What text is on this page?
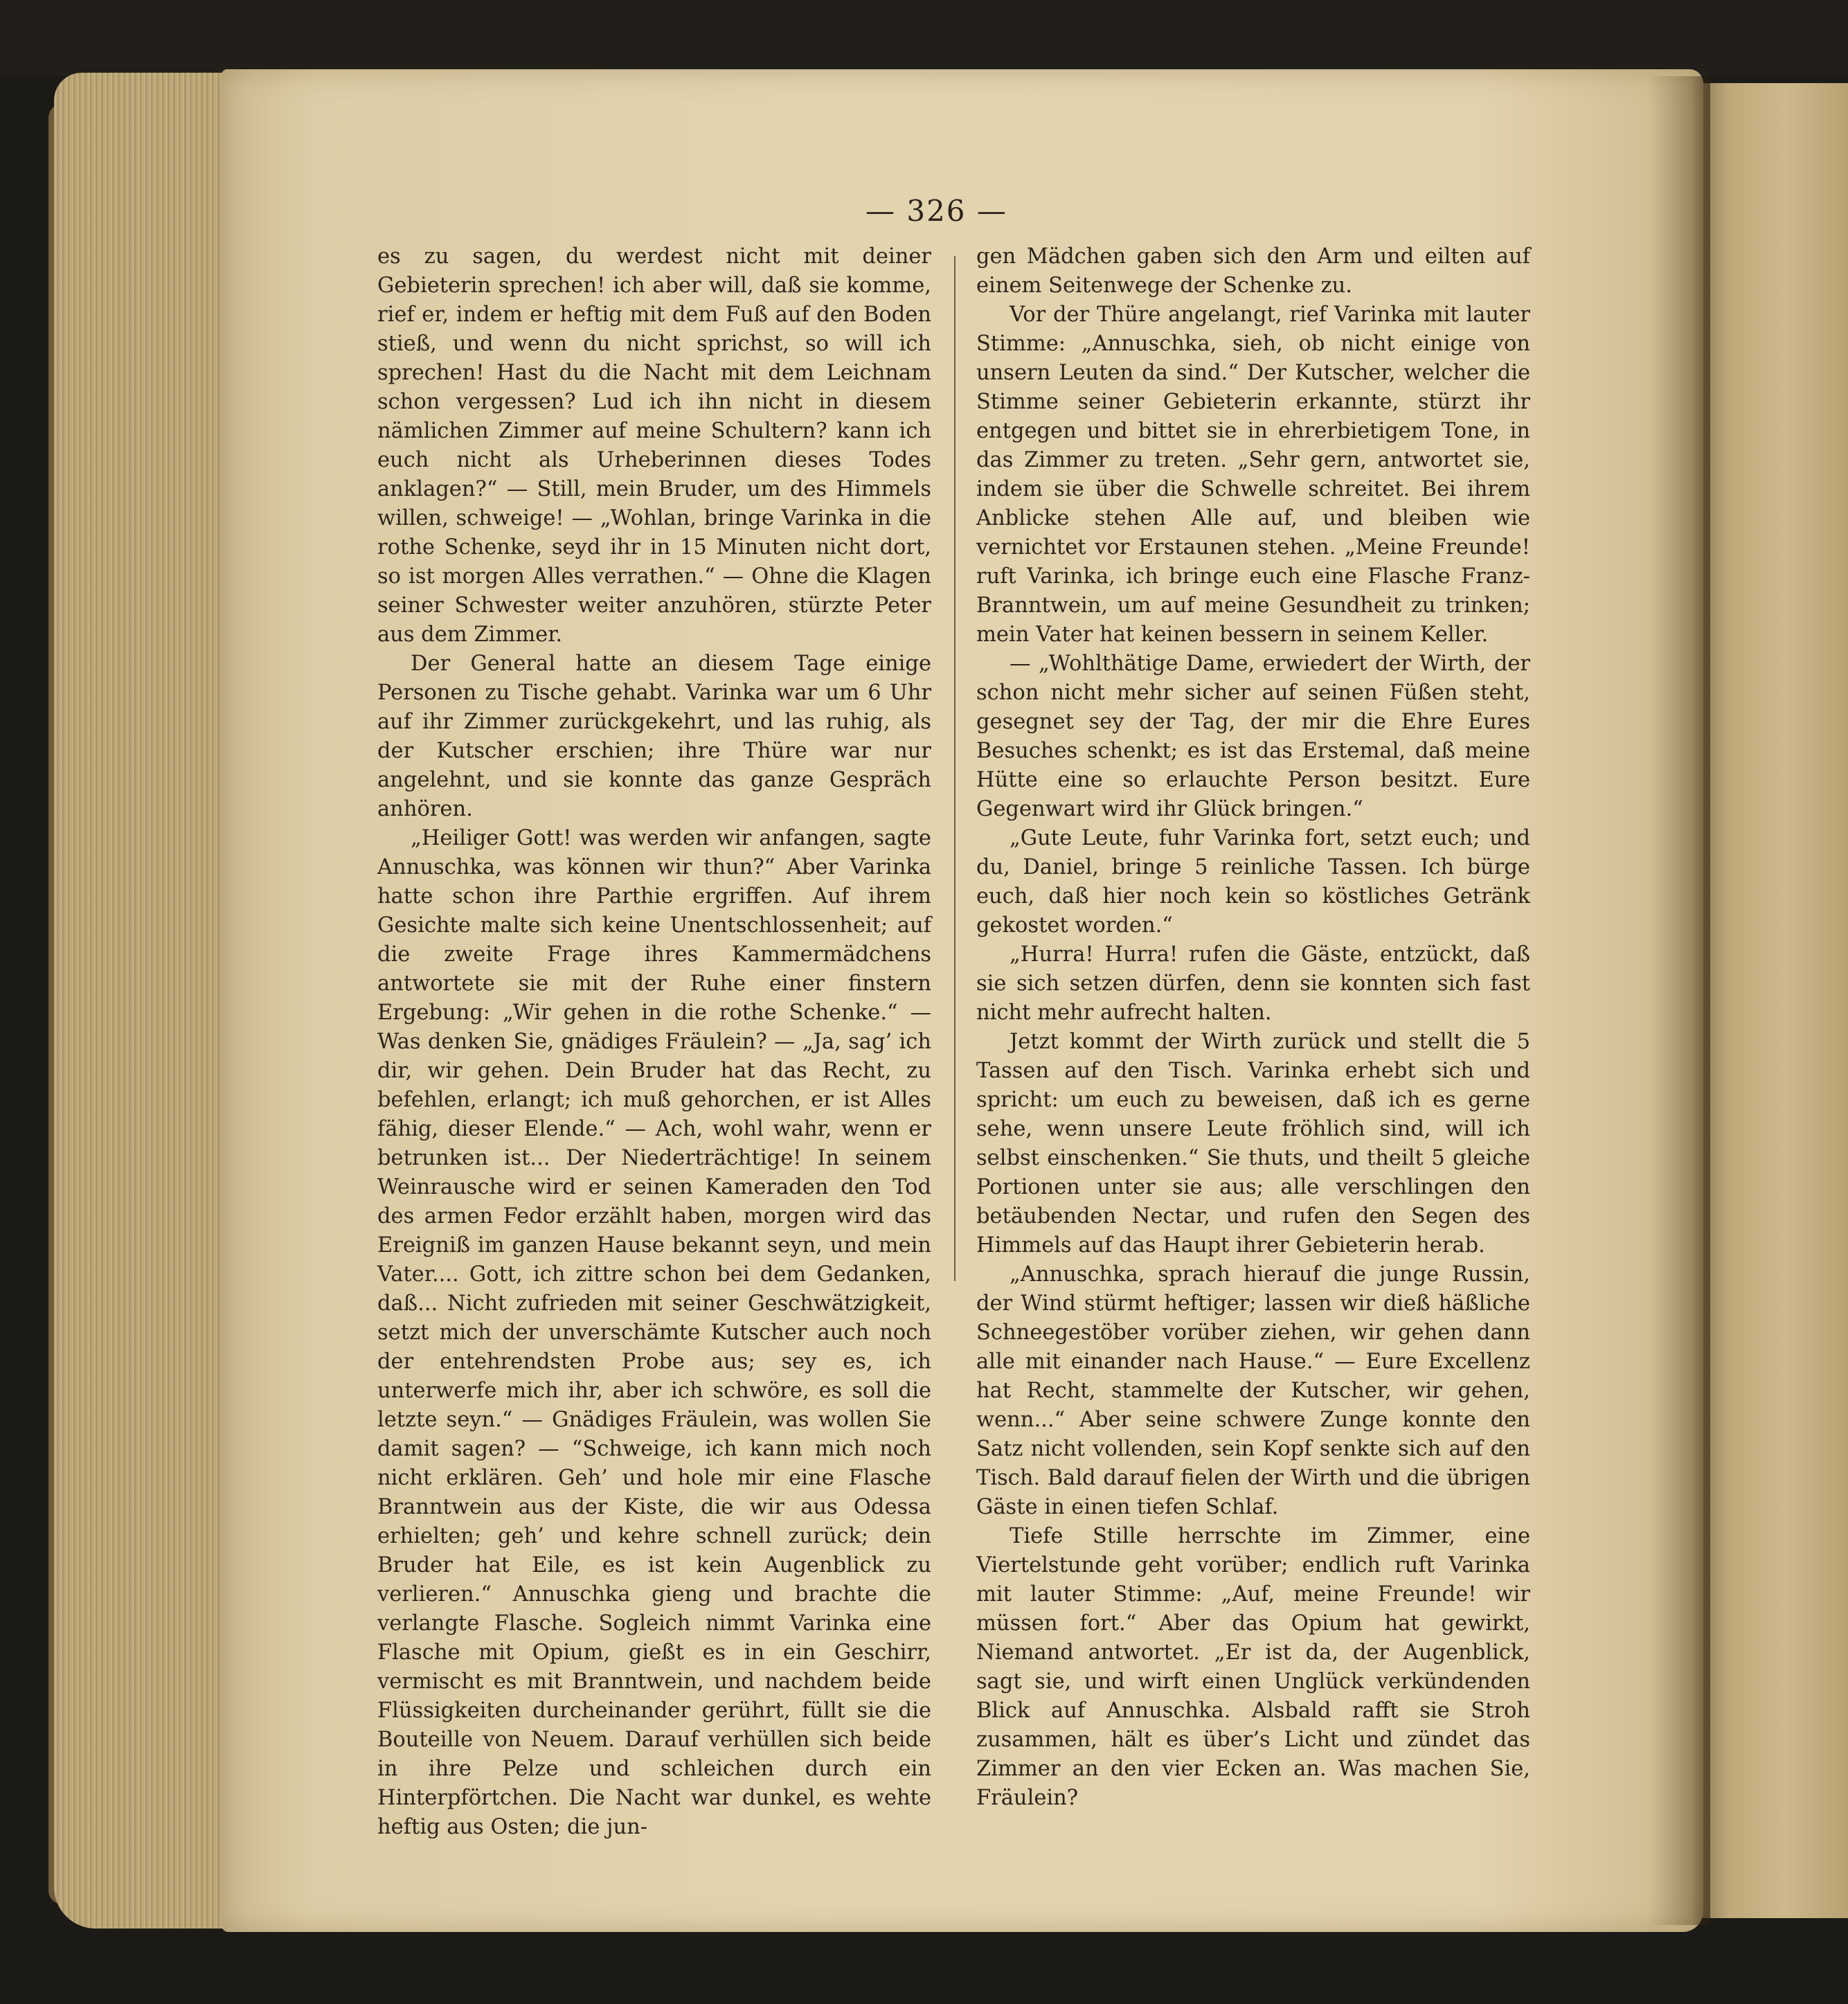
— 326 —

es zu sagen, du werdest nicht mit deiner Gebieterin sprechen! ich aber will, daß sie komme, rief er, indem er heftig mit dem Fuß auf den Boden stieß, und wenn du nicht sprichst, so will ich sprechen! Hast du die Nacht mit dem Leichnam schon vergessen? Lud ich ihn nicht in diesem nämlichen Zimmer auf meine Schultern? kann ich euch nicht als Urheberinnen dieses Todes anklagen?“ — Still, mein Bruder, um des Himmels willen, schweige! — „Wohlan, bringe Varinka in die rothe Schenke, seyd ihr in 15 Minuten nicht dort, so ist morgen Alles verrathen.“ — Ohne die Klagen seiner Schwester weiter anzuhören, stürzte Peter aus dem Zimmer.

Der General hatte an diesem Tage einige Personen zu Tische gehabt. Varinka war um 6 Uhr auf ihr Zimmer zurückgekehrt, und las ruhig, als der Kutscher erschien; ihre Thüre war nur angelehnt, und sie konnte das ganze Gespräch anhören.

„Heiliger Gott! was werden wir anfangen, sagte Annuschka, was können wir thun?“ Aber Varinka hatte schon ihre Parthie ergriffen. Auf ihrem Gesichte malte sich keine Unentschlossenheit; auf die zweite Frage ihres Kammermädchens antwortete sie mit der Ruhe einer finstern Ergebung: „Wir gehen in die rothe Schenke.“ — Was denken Sie, gnädiges Fräulein? — „Ja, sag’ ich dir, wir gehen. Dein Bruder hat das Recht, zu befehlen, erlangt; ich muß gehorchen, er ist Alles fähig, dieser Elende.“ — Ach, wohl wahr, wenn er betrunken ist... Der Niederträchtige! In seinem Weinrausche wird er seinen Kameraden den Tod des armen Fedor erzählt haben, morgen wird das Ereigniß im ganzen Hause bekannt seyn, und mein Vater.... Gott, ich zittre schon bei dem Gedanken, daß... Nicht zufrieden mit seiner Geschwätzigkeit, setzt mich der unverschämte Kutscher auch noch der entehrendsten Probe aus; sey es, ich unterwerfe mich ihr, aber ich schwöre, es soll die letzte seyn.“ — Gnädiges Fräulein, was wollen Sie damit sagen? — “Schweige, ich kann mich noch nicht erklären. Geh’ und hole mir eine Flasche Branntwein aus der Kiste, die wir aus Odessa erhielten; geh’ und kehre schnell zurück; dein Bruder hat Eile, es ist kein Augenblick zu verlieren.“ Annuschka gieng und brachte die verlangte Flasche. Sogleich nimmt Varinka eine Flasche mit Opium, gießt es in ein Geschirr, vermischt es mit Branntwein, und nachdem beide Flüssigkeiten durcheinander gerührt, füllt sie die Bouteille von Neuem. Darauf verhüllen sich beide in ihre Pelze und schleichen durch ein Hinterpförtchen. Die Nacht war dunkel, es wehte heftig aus Osten; die jun-

gen Mädchen gaben sich den Arm und eilten auf einem Seitenwege der Schenke zu.

Vor der Thüre angelangt, rief Varinka mit lauter Stimme: „Annuschka, sieh, ob nicht einige von unsern Leuten da sind.“ Der Kutscher, welcher die Stimme seiner Gebieterin erkannte, stürzt ihr entgegen und bittet sie in ehrerbietigem Tone, in das Zimmer zu treten. „Sehr gern, antwortet sie, indem sie über die Schwelle schreitet. Bei ihrem Anblicke stehen Alle auf, und bleiben wie vernichtet vor Erstaunen stehen. „Meine Freunde! ruft Varinka, ich bringe euch eine Flasche Franz-Branntwein, um auf meine Gesundheit zu trinken; mein Vater hat keinen bessern in seinem Keller.

— „Wohlthätige Dame, erwiedert der Wirth, der schon nicht mehr sicher auf seinen Füßen steht, gesegnet sey der Tag, der mir die Ehre Eures Besuches schenkt; es ist das Erstemal, daß meine Hütte eine so erlauchte Person besitzt. Eure Gegenwart wird ihr Glück bringen.“

„Gute Leute, fuhr Varinka fort, setzt euch; und du, Daniel, bringe 5 reinliche Tassen. Ich bürge euch, daß hier noch kein so köstliches Getränk gekostet worden.“

„Hurra! Hurra! rufen die Gäste, entzückt, daß sie sich setzen dürfen, denn sie konnten sich fast nicht mehr aufrecht halten.

Jetzt kommt der Wirth zurück und stellt die 5 Tassen auf den Tisch. Varinka erhebt sich und spricht: um euch zu beweisen, daß ich es gerne sehe, wenn unsere Leute fröhlich sind, will ich selbst einschenken.“ Sie thuts, und theilt 5 gleiche Portionen unter sie aus; alle verschlingen den betäubenden Nectar, und rufen den Segen des Himmels auf das Haupt ihrer Gebieterin herab.

„Annuschka, sprach hierauf die junge Russin, der Wind stürmt heftiger; lassen wir dieß häßliche Schneegestöber vorüber ziehen, wir gehen dann alle mit einander nach Hause.“ — Eure Excellenz hat Recht, stammelte der Kutscher, wir gehen, wenn...“ Aber seine schwere Zunge konnte den Satz nicht vollenden, sein Kopf senkte sich auf den Tisch. Bald darauf fielen der Wirth und die übrigen Gäste in einen tiefen Schlaf.

Tiefe Stille herrschte im Zimmer, eine Viertelstunde geht vorüber; endlich ruft Varinka mit lauter Stimme: „Auf, meine Freunde! wir müssen fort.“ Aber das Opium hat gewirkt, Niemand antwortet. „Er ist da, der Augenblick, sagt sie, und wirft einen Unglück verkündenden Blick auf Annuschka. Alsbald rafft sie Stroh zusammen, hält es über’s Licht und zündet das Zimmer an den vier Ecken an. Was machen Sie, Fräulein?
